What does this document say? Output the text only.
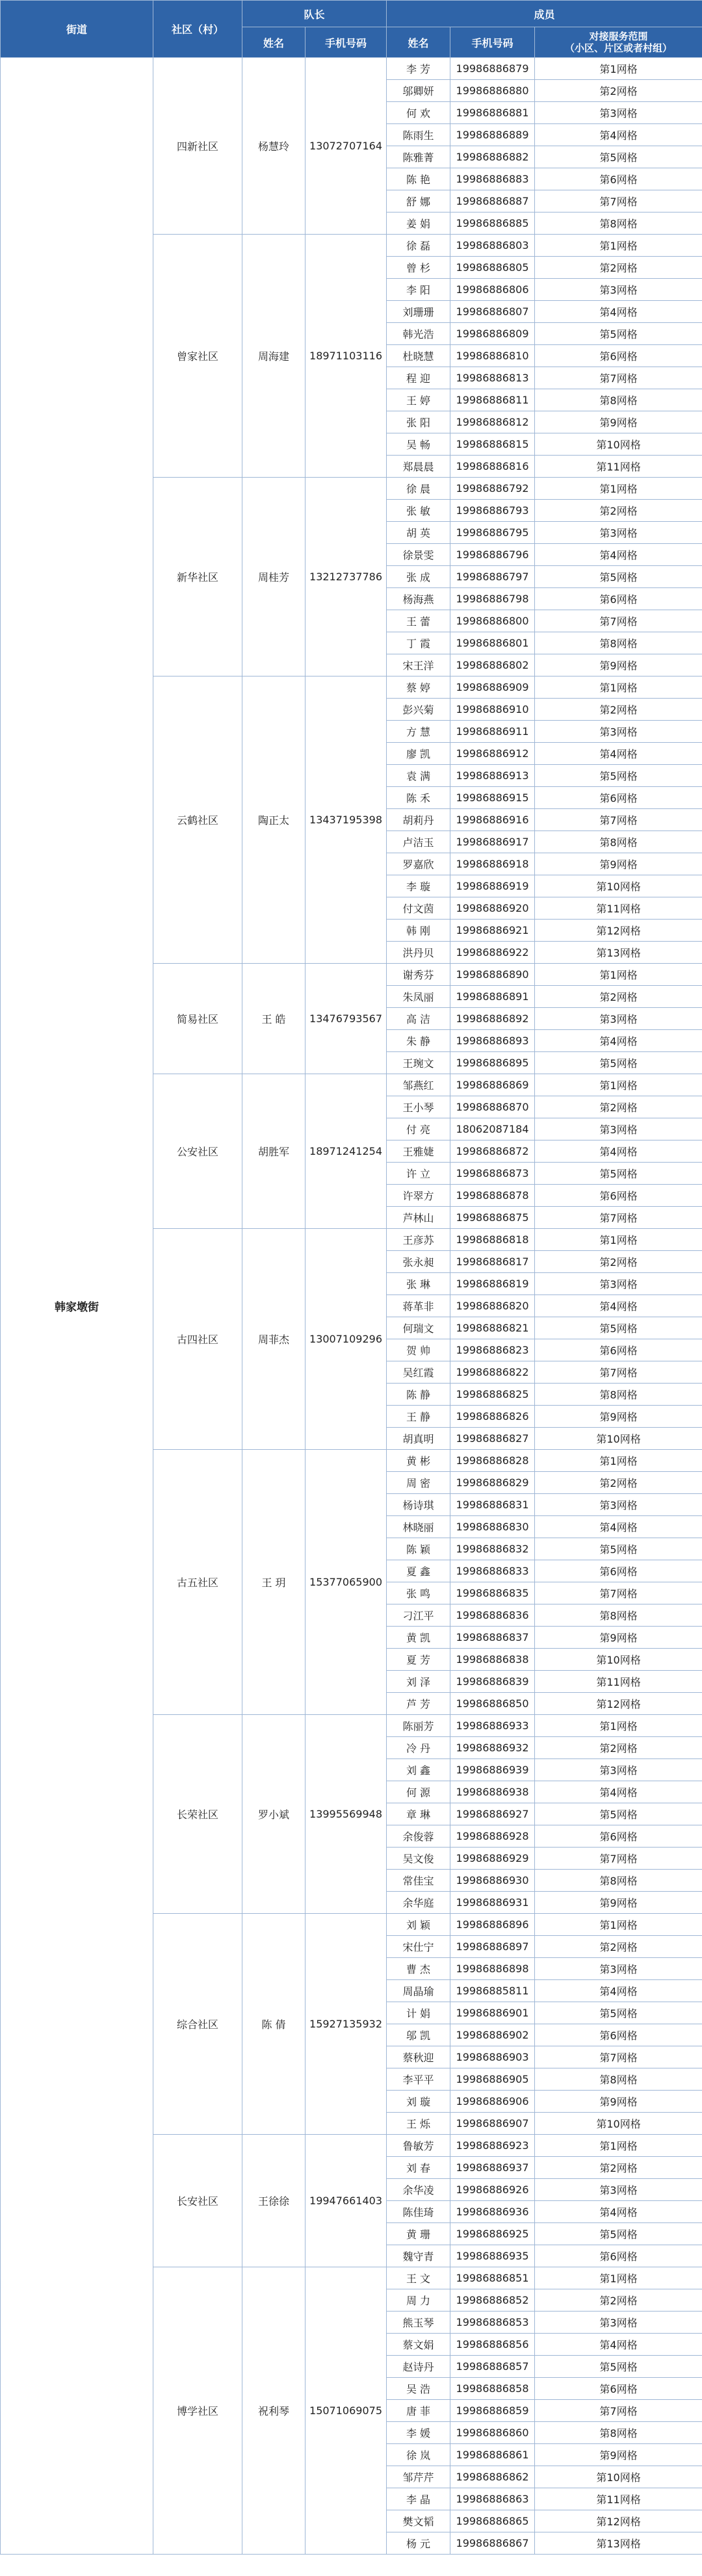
街道	社区（村）	队长		成员		
		姓名	手机号码	姓名	手机号码	对接服务范围
（小区、片区或者村组）
韩家墩街	四新社区	杨慧玲	13072707164	李 芳	19986886879	第1网格
				邬卿妍	19986886880	第2网格
				何 欢	19986886881	第3网格
				陈雨生	19986886889	第4网格
				陈雅菁	19986886882	第5网格
				陈 艳	19986886883	第6网格
				舒 娜	19986886887	第7网格
				姜 娟	19986886885	第8网格
	曾家社区	周海建	18971103116	徐 磊	19986886803	第1网格
				曾 杉	19986886805	第2网格
				李 阳	19986886806	第3网格
				刘珊珊	19986886807	第4网格
				韩光浩	19986886809	第5网格
				杜晓慧	19986886810	第6网格
				程 迎	19986886813	第7网格
				王 婷	19986886811	第8网格
				张 阳	19986886812	第9网格
				吴 畅	19986886815	第10网格
				郑晨晨	19986886816	第11网格
	新华社区	周桂芳	13212737786	徐 晨	19986886792	第1网格
				张 敏	19986886793	第2网格
				胡 英	19986886795	第3网格
				徐景雯	19986886796	第4网格
				张 成	19986886797	第5网格
				杨海燕	19986886798	第6网格
				王 蕾	19986886800	第7网格
				丁 霞	19986886801	第8网格
				宋王洋	19986886802	第9网格
	云鹤社区	陶正太	13437195398	蔡 婷	19986886909	第1网格
				彭兴菊	19986886910	第2网格
				方 慧	19986886911	第3网格
				廖 凯	19986886912	第4网格
				袁 满	19986886913	第5网格
				陈 禾	19986886915	第6网格
				胡莉丹	19986886916	第7网格
				卢洁玉	19986886917	第8网格
				罗嘉欣	19986886918	第9网格
				李 璇	19986886919	第10网格
				付文茵	19986886920	第11网格
				韩 刚	19986886921	第12网格
				洪丹贝	19986886922	第13网格
	简易社区	王 皓	13476793567	谢秀芬	19986886890	第1网格
				朱凤丽	19986886891	第2网格
				高 洁	19986886892	第3网格
				朱 静	19986886893	第4网格
				王琬文	19986886895	第5网格
	公安社区	胡胜军	18971241254	邹燕红	19986886869	第1网格
				王小琴	19986886870	第2网格
				付 亮	18062087184	第3网格
				王雅婕	19986886872	第4网格
				许 立	19986886873	第5网格
				许翠方	19986886878	第6网格
				芦林山	19986886875	第7网格
	古四社区	周菲杰	13007109296	王彦苏	19986886818	第1网格
				张永昶	19986886817	第2网格
				张 琳	19986886819	第3网格
				蒋革非	19986886820	第4网格
				何瑞文	19986886821	第5网格
				贺 帅	19986886823	第6网格
				吴红霞	19986886822	第7网格
				陈 静	19986886825	第8网格
				王 静	19986886826	第9网格
				胡真明	19986886827	第10网格
	古五社区	王 玥	15377065900	黄 彬	19986886828	第1网格
				周 密	19986886829	第2网格
				杨诗琪	19986886831	第3网格
				林晓丽	19986886830	第4网格
				陈 颖	19986886832	第5网格
				夏 鑫	19986886833	第6网格
				张 鸣	19986886835	第7网格
				刁江平	19986886836	第8网格
				黄 凯	19986886837	第9网格
				夏 芳	19986886838	第10网格
				刘 泽	19986886839	第11网格
				芦 芳	19986886850	第12网格
	长荣社区	罗小斌	13995569948	陈丽芳	19986886933	第1网格
				冷 丹	19986886932	第2网格
				刘 鑫	19986886939	第3网格
				何 源	19986886938	第4网格
				章 琳	19986886927	第5网格
				余俊蓉	19986886928	第6网格
				吴文俊	19986886929	第7网格
				常佳宝	19986886930	第8网格
				余华庭	19986886931	第9网格
	综合社区	陈 倩	15927135932	刘 颖	19986886896	第1网格
				宋仕宁	19986886897	第2网格
				曹 杰	19986886898	第3网格
				周晶瑜	19986885811	第4网格
				计 娟	19986886901	第5网格
				邬 凯	19986886902	第6网格
				蔡秋迎	19986886903	第7网格
				李平平	19986886905	第8网格
				刘 璇	19986886906	第9网格
				王 烁	19986886907	第10网格
	长安社区	王徐徐	19947661403	鲁敏芳	19986886923	第1网格
				刘 春	19986886937	第2网格
				余华凌	19986886926	第3网格
				陈佳琦	19986886936	第4网格
				黄 珊	19986886925	第5网格
				魏守青	19986886935	第6网格
	博学社区	祝利琴	15071069075	王 文	19986886851	第1网格
				周 力	19986886852	第2网格
				熊玉琴	19986886853	第3网格
				蔡文娟	19986886856	第4网格
				赵诗丹	19986886857	第5网格
				吴 浩	19986886858	第6网格
				唐 菲	19986886859	第7网格
				李 媛	19986886860	第8网格
				徐 岚	19986886861	第9网格
				邹芹芹	19986886862	第10网格
				李 晶	19986886863	第11网格
				樊文韬	19986886865	第12网格
				杨 元	19986886867	第13网格
